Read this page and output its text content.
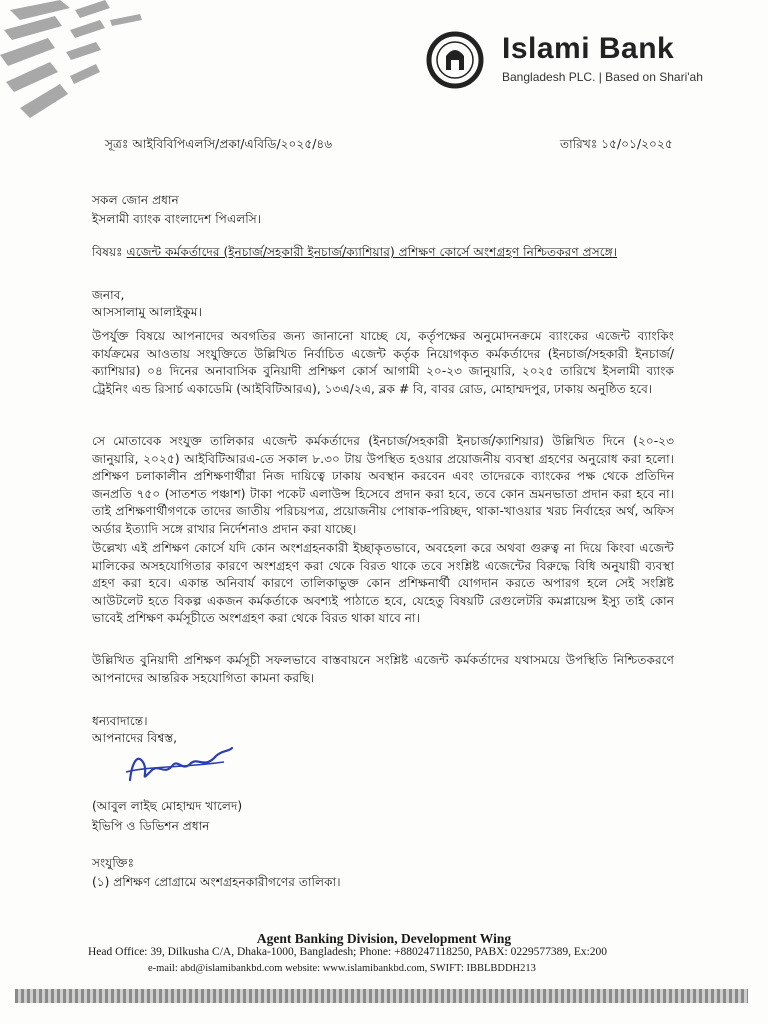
Islami Bank
Bangladesh PLC. | Based on Shari'ah
সূত্রঃ আইবিবিপিএলসি/প্রকা/এবিডি/২০২৫/৪৬	তারিখঃ ১৫/০১/২০২৫
সকল জোন প্রধান
ইসলামী ব্যাংক বাংলাদেশ পিএলসি।
বিষয়ঃ এজেন্ট কর্মকর্তাদের (ইনচার্জ/সহকারী ইনচার্জ/ক্যাশিয়ার) প্রশিক্ষণ কোর্সে অংশগ্রহণ নিশ্চিতকরণ প্রসঙ্গে।
জনাব,
আসসালামু আলাইকুম।

উপর্যুক্ত বিষয়ে আপনাদের অবগতির জন্য জানানো যাচ্ছে যে, কর্তৃপক্ষের অনুমোদনক্রমে ব্যাংকের এজেন্ট ব্যাংকিং কার্যক্রমের আওতায় সংযুক্তিতে উল্লিখিত নির্বাচিত এজেন্ট কর্তৃক নিয়োগকৃত কর্মকর্তাদের (ইনচার্জ/সহকারী ইনচার্জ/ক্যাশিয়ার) ০৪ দিনের অনাবাসিক বুনিয়াদী প্রশিক্ষণ কোর্স আগামী ২০-২৩ জানুয়ারি, ২০২৫ তারিখে ইসলামী ব্যাংক ট্রেইনিং এন্ড রিসার্চ একাডেমি (আইবিটিআরএ), ১৩এ/২এ, ব্লক # বি, বাবর রোড, মোহাম্মদপুর, ঢাকায় অনুষ্ঠিত হবে।

সে মোতাবেক সংযুক্ত তালিকার এজেন্ট কর্মকর্তাদের (ইনচার্জ/সহকারী ইনচার্জ/ক্যাশিয়ার) উল্লিখিত দিনে (২০-২৩ জানুয়ারি, ২০২৫) আইবিটিআরএ-তে সকাল ৮.৩০ টায় উপস্থিত হওয়ার প্রয়োজনীয় ব্যবস্থা গ্রহণের অনুরোধ করা হলো। প্রশিক্ষণ চলাকালীন প্রশিক্ষণার্থীরা নিজ দায়িত্বে ঢাকায় অবস্থান করবেন এবং তাদেরকে ব্যাংকের পক্ষ থেকে প্রতিদিন জনপ্রতি ৭৫০ (সাতশত পঞ্চাশ) টাকা পকেট এলাউন্স হিসেবে প্রদান করা হবে, তবে কোন ভ্রমনভাতা প্রদান করা হবে না। তাই প্রশিক্ষণার্থীগণকে তাদের জাতীয় পরিচয়পত্র, প্রয়োজনীয় পোষাক-পরিচ্ছদ, থাকা-খাওয়ার খরচ নির্বাহের অর্থ, অফিস অর্ডার ইত্যাদি সঙ্গে রাখার নির্দেশনাও প্রদান করা যাচ্ছে।

উল্লেখ্য এই প্রশিক্ষণ কোর্সে যদি কোন অংশগ্রহনকারী ইচ্ছাকৃতভাবে, অবহেলা করে অথবা গুরুত্ব না দিয়ে কিংবা এজেন্ট মালিকের অসহযোগিতার কারণে অংশগ্রহণ করা থেকে বিরত থাকে তবে সংশ্লিষ্ট এজেন্টের বিরুদ্ধে বিধি অনুযায়ী ব্যবস্থা গ্রহণ করা হবে। একান্ত অনিবার্য কারণে তালিকাভুক্ত কোন প্রশিক্ষনার্থী যোগদান করতে অপারগ হলে সেই সংশ্লিষ্ট আউটলেট হতে বিকল্প একজন কর্মকর্তাকে অবশ্যই পাঠাতে হবে, যেহেতু বিষয়টি রেগুলেটরি কমপ্লায়েন্স ইস্যু তাই কোন ভাবেই প্রশিক্ষণ কর্মসূচীতে অংশগ্রহণ করা থেকে বিরত থাকা যাবে না।

উল্লিখিত বুনিয়াদী প্রশিক্ষণ কর্মসূচী সফলভাবে বাস্তবায়নে সংশ্লিষ্ট এজেন্ট কর্মকর্তাদের যথাসময়ে উপস্থিতি নিশ্চিতকরণে আপনাদের আন্তরিক সহযোগিতা কামনা করছি।

ধন্যবাদান্তে।
আপনাদের বিশ্বস্ত,
(আবুল লাইছ মোহাম্মদ খালেদ)
ইভিপি ও ডিভিশন প্রধান
সংযুক্তিঃ
(১) প্রশিক্ষণ প্রোগ্রামে অংশগ্রহনকারীগণের তালিকা।
Agent Banking Division, Development Wing
Head Office: 39, Dilkusha C/A, Dhaka-1000, Bangladesh; Phone: +880247118250, PABX: 0229577389, Ex:200
e-mail: abd@islamibankbd.com website: www.islamibankbd.com, SWIFT: IBBLBDDH213
